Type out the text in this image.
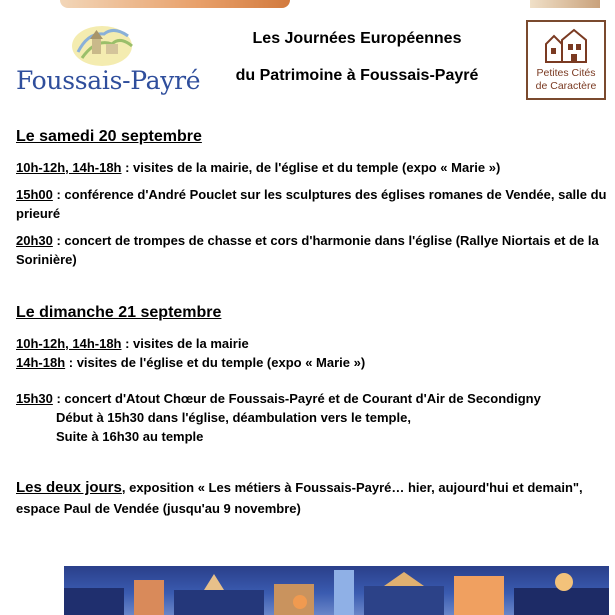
Foussais-Payré
Les Journées Européennes
du Patrimoine à Foussais-Payré	Petites Cités
de Caractère

Le samedi 20 septembre

10h-12h, 14h-18h : visites de la mairie, de l'église et du temple (expo « Marie »)

15h00 : conférence d'André Pouclet sur les sculptures des églises romanes de Vendée, salle du prieuré

20h30 : concert de trompes de chasse et cors d'harmonie dans l'église (Rallye Niortais et de la Sorinière)

Le dimanche 21 septembre

10h-12h, 14h-18h : visites de la mairie

14h-18h : visites de l'église et du temple (expo « Marie »)

15h30 : concert d'Atout Chœur de Foussais-Payré et de Courant d'Air de Secondigny

Début à 15h30 dans l'église, déambulation vers le temple,

Suite à 16h30 au temple

Les deux jours, exposition « Les métiers à Foussais-Payré… hier, aujourd'hui et demain", espace Paul de Vendée (jusqu'au 9 novembre)
